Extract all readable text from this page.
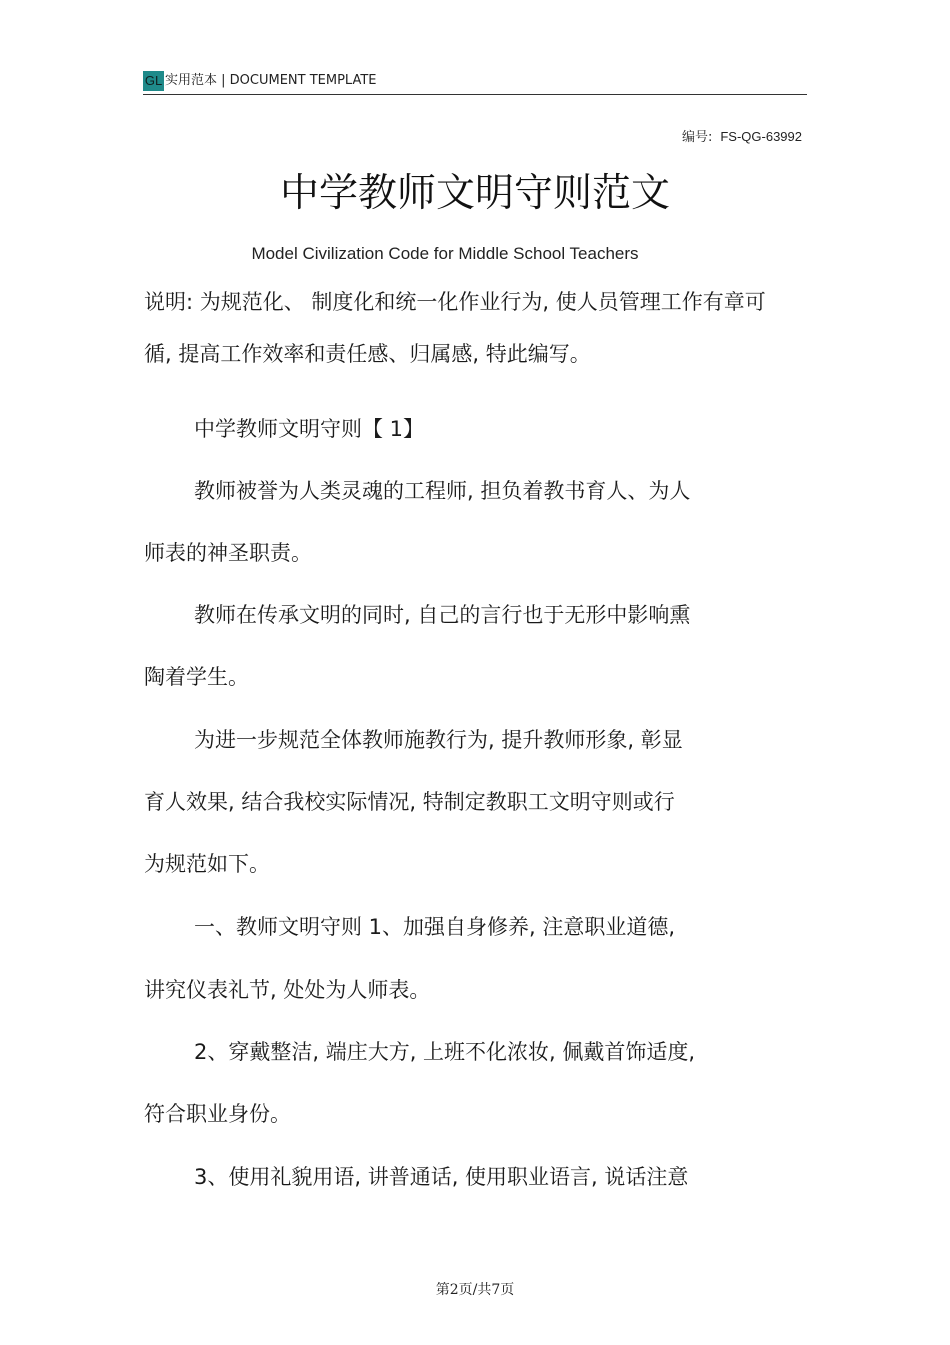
GL 实用范本 | DOCUMENT TEMPLATE
编号: FS-QG-63992
中学教师文明守则范文
Model Civilization Code for Middle School Teachers
说明: 为规范化、 制度化和统一化作业行为, 使人员管理工作有章可
循, 提高工作效率和责任感、归属感, 特此编写。
中学教师文明守则【 1】
教师被誉为人类灵魂的工程师, 担负着教书育人、为人
师表的神圣职责。
教师在传承文明的同时, 自己的言行也于无形中影响熏
陶着学生。
为进一步规范全体教师施教行为, 提升教师形象, 彰显
育人效果, 结合我校实际情况, 特制定教职工文明守则或行
为规范如下。
一、教师文明守则 1、加强自身修养, 注意职业道德,
讲究仪表礼节, 处处为人师表。
2、穿戴整洁, 端庄大方, 上班不化浓妆, 佩戴首饰适度,
符合职业身份。
3、使用礼貌用语, 讲普通话, 使用职业语言, 说话注意
第2页/共7页
